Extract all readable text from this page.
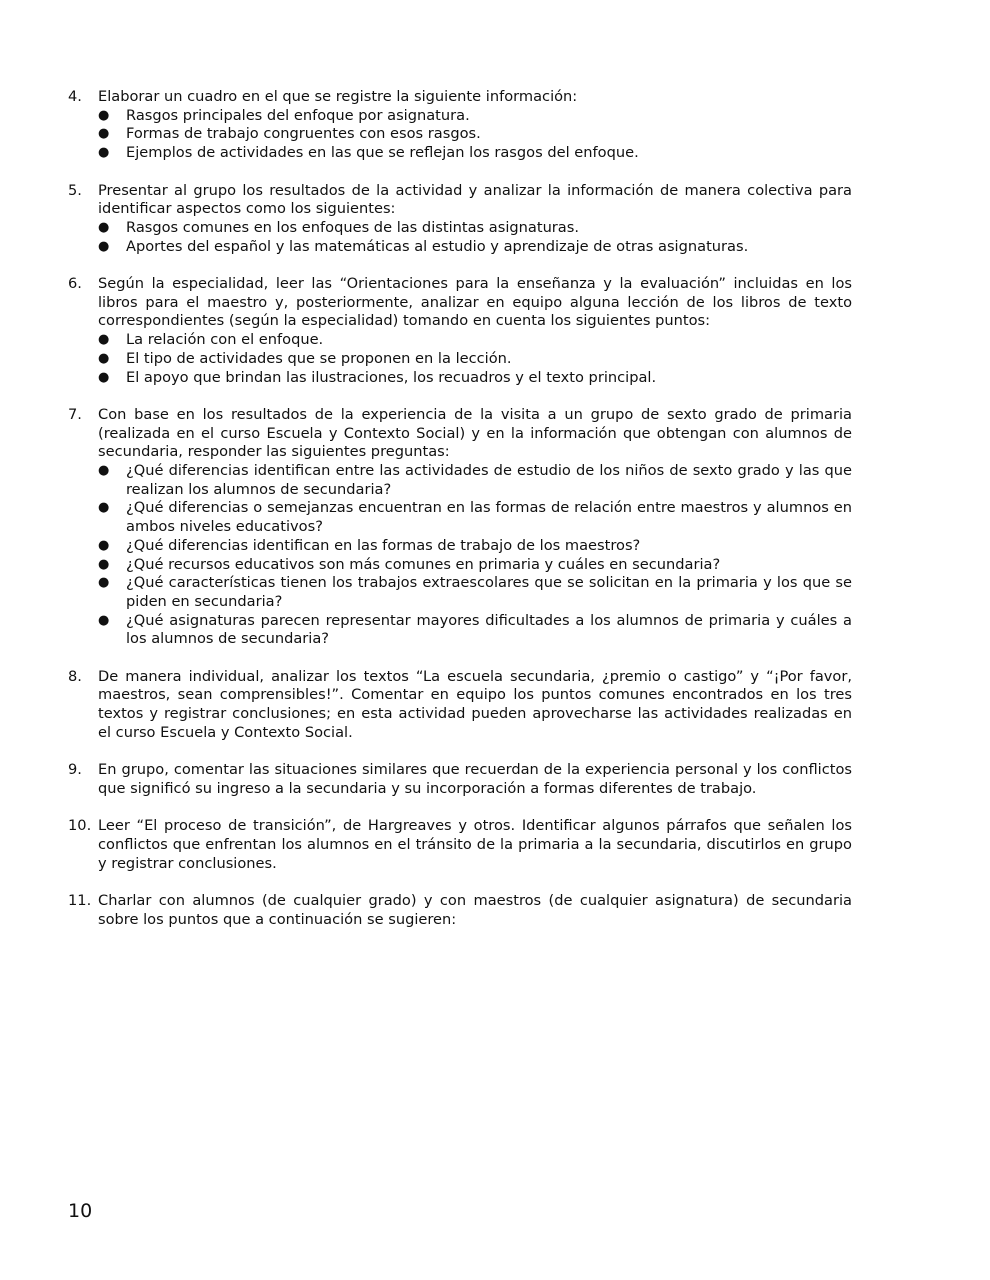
4.	Elaborar un cuadro en el que se registre la siguiente información:
●	Rasgos principales del enfoque por asignatura.
●	Formas de trabajo congruentes con esos rasgos.
●	Ejemplos de actividades en las que se reflejan los rasgos del enfoque.
5.	Presentar al grupo los resultados de la actividad y analizar la información de manera colectiva para identificar aspectos como los siguientes:
●	Rasgos comunes en los enfoques de las distintas asignaturas.
●	Aportes del español y las matemáticas al estudio y aprendizaje de otras asignaturas.
6.	Según la especialidad, leer las “Orientaciones para la enseñanza y la evaluación” incluidas en los libros para el maestro y, posteriormente, analizar en equipo alguna lección de los libros de texto correspondientes (según la especialidad) tomando en cuenta los siguientes puntos:
●	La relación con el enfoque.
●	El tipo de actividades que se proponen en la lección.
●	El apoyo que brindan las ilustraciones, los recuadros y el texto principal.
7.	Con base en los resultados de la experiencia de la visita a un grupo de sexto grado de primaria (realizada en el curso Escuela y Contexto Social) y en la información que obtengan con alumnos de secundaria, responder las siguientes preguntas:
●	¿Qué diferencias identifican entre las actividades de estudio de los niños de sexto grado y las que realizan los alumnos de secundaria?
●	¿Qué diferencias o semejanzas encuentran en las formas de relación entre maestros y alumnos en ambos niveles educativos?
●	¿Qué diferencias identifican en las formas de trabajo de los maestros?
●	¿Qué recursos educativos son más comunes en primaria y cuáles en secundaria?
●	¿Qué características tienen los trabajos extraescolares que se solicitan en la primaria y los que se piden en secundaria?
●	¿Qué asignaturas parecen representar mayores dificultades a los alumnos de primaria y cuáles a los alumnos de secundaria?
8.	De manera individual, analizar los textos “La escuela secundaria, ¿premio o castigo” y “¡Por favor, maestros, sean comprensibles!”. Comentar en equipo los puntos comunes encontrados en los tres textos y registrar conclusiones; en esta actividad pueden aprovecharse las actividades realizadas en el curso Escuela y Contexto Social.
9.	En grupo, comentar las situaciones similares que recuerdan de la experiencia personal y los conflictos que significó su ingreso a la secundaria y su incorporación a formas diferentes de trabajo.
10. Leer “El proceso de transición”, de Hargreaves y otros. Identificar algunos párrafos que señalen los conflictos que enfrentan los alumnos en el tránsito de la primaria a la secundaria, discutirlos en grupo y registrar conclusiones.
11. Charlar con alumnos (de cualquier grado) y con maestros (de cualquier asignatura) de secundaria sobre los puntos que a continuación se sugieren:
10
